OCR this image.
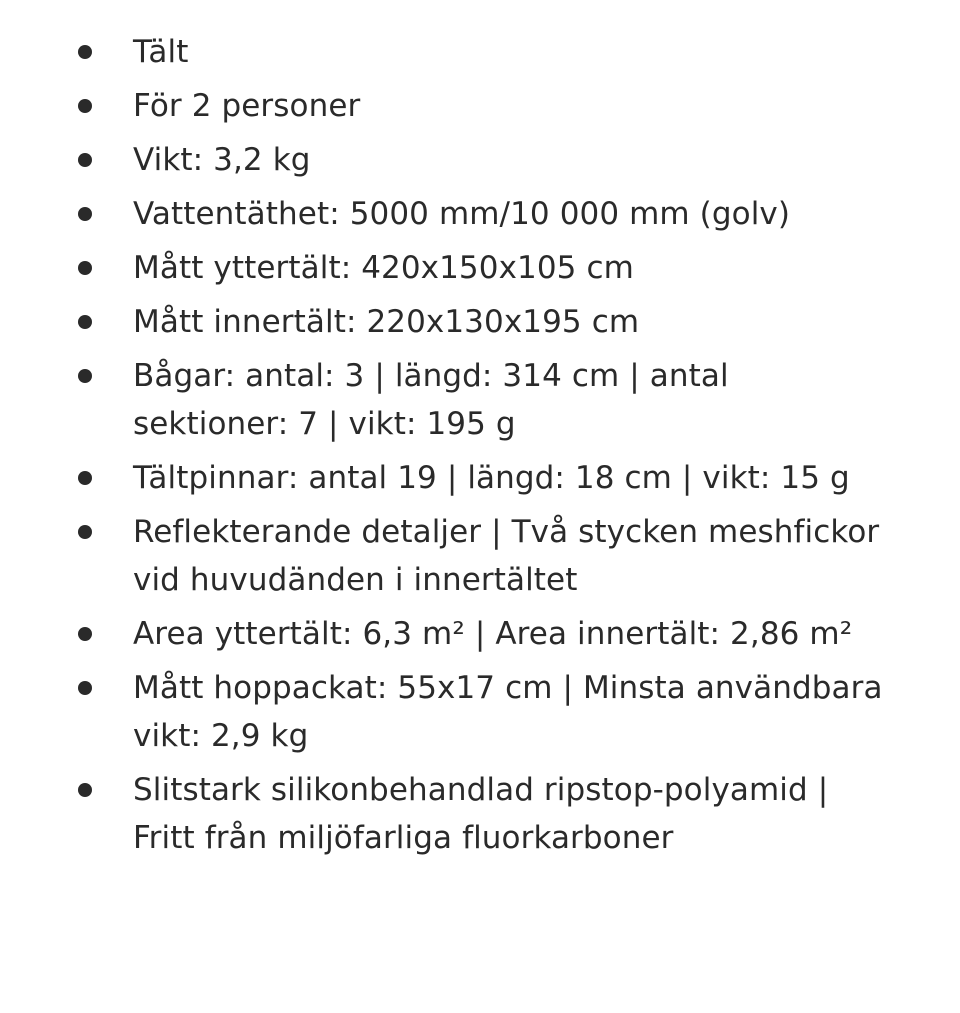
Tält
För 2 personer
Vikt: 3,2 kg
Vattentäthet: 5000 mm/10 000 mm (golv)
Mått yttertält: 420x150x105 cm
Mått innertält: 220x130x195 cm
Bågar: antal: 3 | längd: 314 cm | antal sektioner: 7 | vikt: 195 g
Tältpinnar: antal 19 | längd: 18 cm | vikt: 15 g
Reflekterande detaljer | Två stycken meshfickor vid huvudänden i innertältet
Area yttertält: 6,3 m² | Area innertält: 2,86 m²
Mått hoppackat: 55x17 cm | Minsta användbara vikt: 2,9 kg
Slitstark silikonbehandlad ripstop-polyamid | Fritt från miljöfarliga fluorkarboner
